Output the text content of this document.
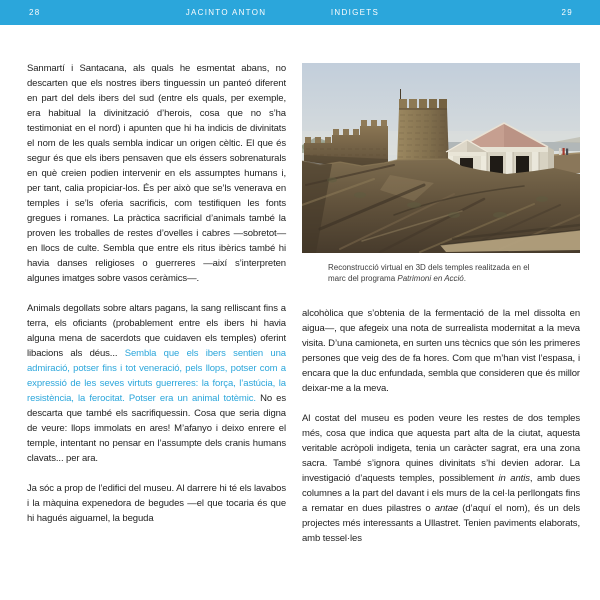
28	JACINTO ANTON	INDIGETS	29

Sanmartí i Santacana, als quals he esmentat abans, no descarten que els nostres ibers tinguessin un panteó diferent en part del dels ibers del sud (entre els quals, per exemple, era habitual la divinització d’herois, cosa que no s’ha testimoniat en el nord) i apunten que hi ha indicis de divinitats el nom de les quals sembla indicar un origen cèltic. El que és segur és que els ibers pensaven que els éssers sobrenaturals en què creien podien intervenir en els assumptes humans i, per tant, calia propiciar-los. És per això que se’ls venerava en temples i se’ls oferia sacrificis, com testifiquen les fonts gregues i romanes. La pràctica sacrificial d’animals també la proven les troballes de restes d’ovelles i cabres —sobretot— en llocs de culte. Sembla que entre els ritus ibèrics també hi havia danses religioses o guerreres —així s’interpreten algunes imatges sobre vasos ceràmics—.

Animals degollats sobre altars pagans, la sang relliscant fins a terra, els oficiants (probablement entre els ibers hi havia alguna mena de sacerdots que cuidaven els temples) oferint libacions als déus... Sembla que els ibers sentien una admiració, potser fins i tot veneració, pels llops, potser com a expressió de les seves virtuts guerreres: la força, l’astúcia, la resistència, la ferocitat. Potser era un animal totèmic. No es descarta que també els sacrifiquessin. Cosa que seria digna de veure: llops immolats en ares! M’afanyo i deixo enrere el temple, intentant no pensar en l’assumpte dels cranis humans clavats... per ara.

Ja sóc a prop de l’edifici del museu. Al darrere hi té els lavabos i la màquina expenedora de begudes —el que tocaria és que hi hagués aiguamel, la beguda

Reconstrucció virtual en 3D dels temples realitzada en el marc del programa Patrimoni en Acció.

alcohòlica que s’obtenia de la fermentació de la mel dissolta en aigua—, que afegeix una nota de surrealista modernitat a la meva visita. D’una camioneta, en surten uns tècnics que són les primeres persones que veig des de fa hores. Com que m’han vist l’espasa, i encara que la duc enfundada, sembla que consideren que és millor deixar-me a la meva.

Al costat del museu es poden veure les restes de dos temples més, cosa que indica que aquesta part alta de la ciutat, aquesta veritable acròpoli indigeta, tenia un caràcter sagrat, era una zona sacra. També s’ignora quines divinitats s’hi devien adorar. La investigació d’aquests temples, possiblement in antis, amb dues columnes a la part del davant i els murs de la cel·la perllongats fins a rematar en dues pilastres o antae (d’aquí el nom), és un dels projectes més interessants a Ullastret. Tenien paviments elaborats, amb tessel·les
